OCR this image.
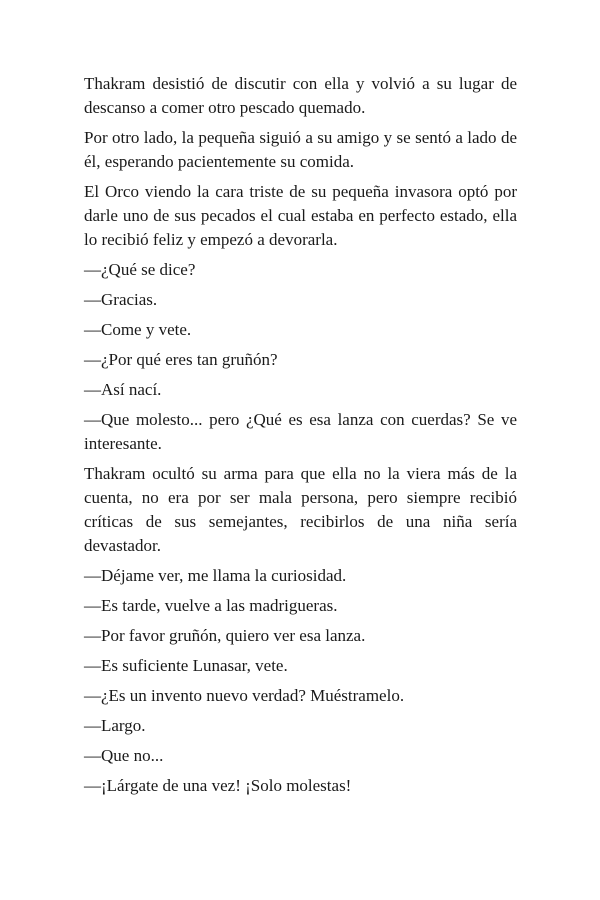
Thakram desistió de discutir con ella y volvió a su lugar de descanso a comer otro pescado quemado.

Por otro lado, la pequeña siguió a su amigo y se sentó a lado de él, esperando pacientemente su comida.

El Orco viendo la cara triste de su pequeña invasora optó por darle uno de sus pecados el cual estaba en perfecto estado, ella lo recibió feliz y empezó a devorarla.

—¿Qué se dice?

—Gracias.

—Come y vete.

—¿Por qué eres tan gruñón?

—Así nací.

—Que molesto... pero ¿Qué es esa lanza con cuerdas? Se ve interesante.

Thakram ocultó su arma para que ella no la viera más de la cuenta, no era por ser mala persona, pero siempre recibió críticas de sus semejantes, recibirlos de una niña sería devastador.

—Déjame ver, me llama la curiosidad.

—Es tarde, vuelve a las madrigueras.

—Por favor gruñón, quiero ver esa lanza.

—Es suficiente Lunasar, vete.

—¿Es un invento nuevo verdad? Muéstramelo.

—Largo.

—Que no...

—¡Lárgate de una vez! ¡Solo molestas!
